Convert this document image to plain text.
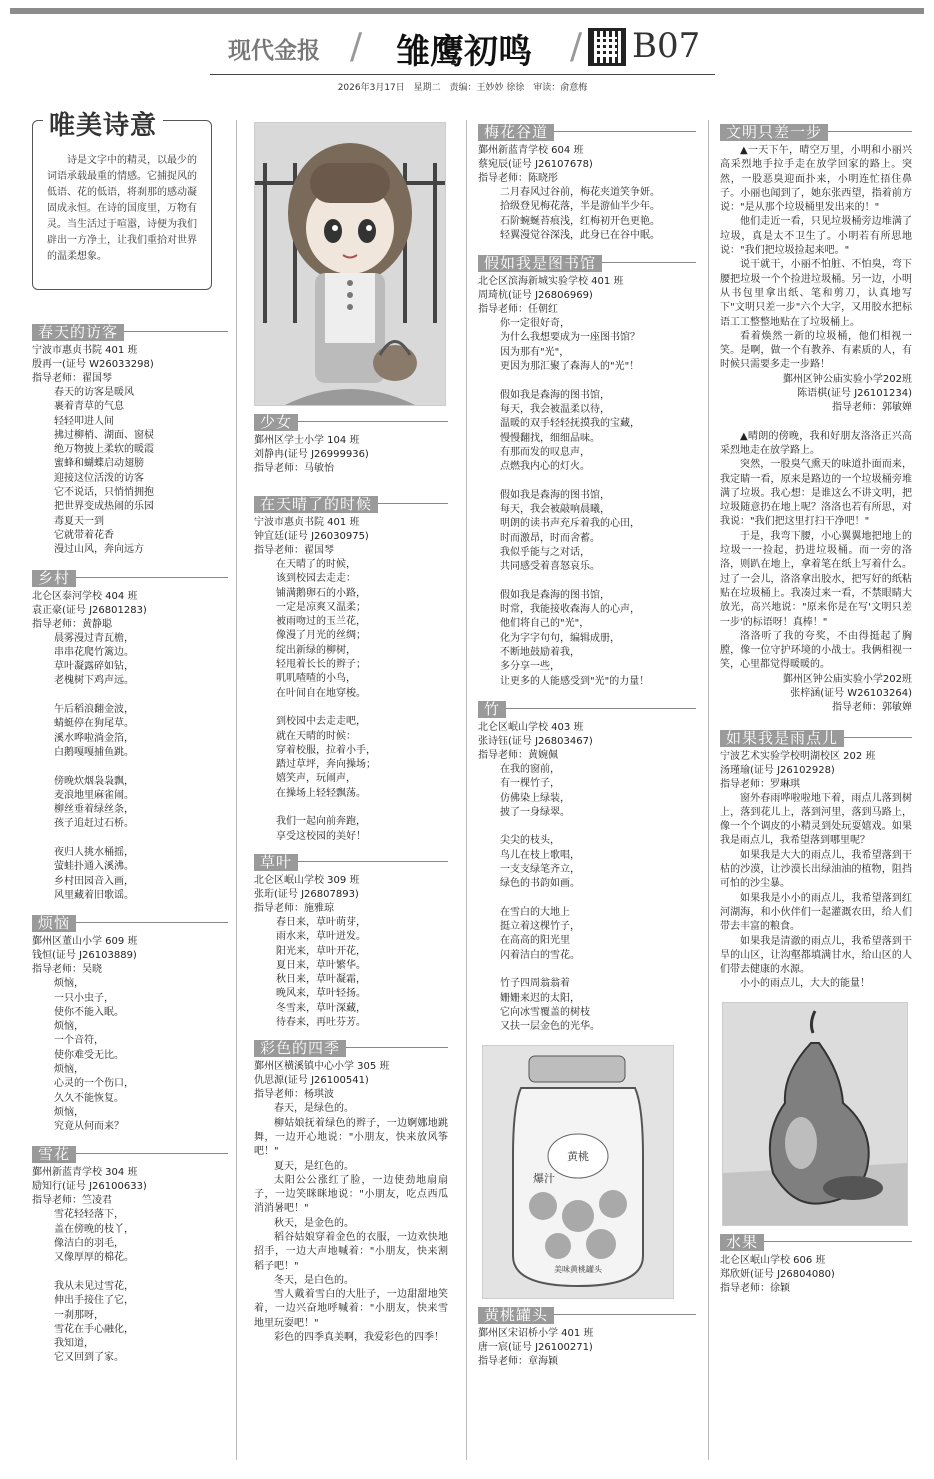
现代金报 / 雏鹰初鸣 / B07
2026年3月17日 星期二 责编：王妙妙 徐徐 审读：俞意梅
唯美诗意
诗是文字中的精灵，以最少的词语承载最重的情感。它捕捉风的低语、花的低语，将刹那的感动凝固成永恒。在诗的国度里，万物有灵。当生活过于喧嚣，诗便为我们辟出一方净土，让我们重拾对世界的温柔想象。
春天的访客
宁波市惠贞书院 401 班
殷再一(证号 W26033298)
指导老师：翟国琴
春天的访客是暖风
裹着青草的气息
轻轻叩进人间
拂过柳梢、湖面、窗棂
绝万物披上柔软的暖霞
蜜蜂和蝴蝶启动翅膀
迎接这位活泼的访客
它不说话，只悄悄拥抱
把世界变成热闹的乐园
毒夏天一到
它就带着花香
漫过山风，奔向远方
乡村
北仑区泰河学校 404 班
袁正豪(证号 J26801283)
指导老师：黄静聪
晨雾漫过青瓦檐，
串串花爬竹篱边。
草叶凝露碎如钻，
老槐树下鸡声远。

午后稻浪翻金波，
蜻蜓停在狗尾草。
溪水哗啦淌金箔，
白鹅嘎嘎捕鱼跳。

傍晚炊烟袅袅飘，
麦浪地里麻雀闹。
柳丝垂着绿丝条，
孩子追赶过石桥。

夜归人挑水桶摇，
萤蛙扑通入溪沸。
乡村田园音入画，
风里藏着旧歌谣。
烦恼
鄞州区董山小学 609 班
钱恒(证号 J26103889)
指导老师：吴晓
烦恼，
一只小虫子，
使你不能入眠。
烦恼，
一个音符，
使你难受无比。
烦恼，
心灵的一个伤口，
久久不能恢复。
烦恼，
究竟从何而来？
雪花
鄞州新蓝青学校 304 班
励知行(证号 J26100633)
指导老师：竺凌君
雪花轻轻落下，
盖在傍晚的枝丫，
像洁白的羽毛，
又像厚厚的棉花。

我从未见过雪花，
伸出手接住了它，
一刹那呀，
雪花在手心融化，
我知道，
它又回到了家。
少女
鄞州区学士小学 104 班
刘静冉(证号 J26999936)
指导老师：马敏怡
在天晴了的时候
宁波市惠贞书院 401 班
钟宜廷(证号 J26030975)
指导老师：翟国琴
在天晴了的时候，
该到校园去走走：
铺满鹅卵石的小路，
一定是凉爽又温柔；
被雨吻过的玉兰花，
像漫了月光的丝绸；
绽出新绿的柳树，
轻甩着长长的辫子；
叽叽喳喳的小鸟，
在叶间自在地穿梭。

到校园中去走走吧，
就在天晴的时候：
穿着校服，拉着小手，
踏过草坪，奔向操场；
嬉笑声，玩闹声，
在操场上轻轻飘荡。

我们一起向前奔跑，
享受这校园的美好！
草叶
北仑区岷山学校 309 班
张珩(证号 J26807893)
指导老师：施雅琼
春日来，草叶萌芽，
雨水来，草叶迸发。
阳光来，草叶开花，
夏日来，草叶繁华。
秋日来，草叶凝霜，
晚风来，草叶轻扬。
冬雪来，草叶深藏，
待春来，再吐芬芳。
彩色的四季
鄞州区横溪镇中心小学 305 班
仇思源(证号 J26100541)
指导老师：杨琪波

春天，是绿色的。

柳姑娘抚着绿色的辫子，一边婀娜地跳舞，一边开心地说："小朋友，快来放风筝吧！"

夏天，是红色的。

太阳公公涨红了脸，一边使劲地扇扇子，一边笑眯眯地说："小朋友，吃点西瓜消消暑吧！"

秋天，是金色的。

稻谷姑娘穿着金色的衣服，一边欢快地招手，一边大声地喊着："小朋友，快来割稻子吧！"

冬天，是白色的。

雪人戴着雪白的大肚子，一边甜甜地笑着，一边兴奋地呼喊着："小朋友，快来雪地里玩耍吧！"

彩色的四季真美啊，我爱彩色的四季！

梅花谷道
鄞州新蓝青学校 604 班
蔡宛辰(证号 J26107678)
指导老师：陈晓彤
二月春风过谷前，梅花夹道笑争妍。
拾级登见梅花落，半是游仙半少年。
石阶蜿蜒苔痕浅，红梅初开色更艳。
轻翼漫觉谷深浅，此身已在谷中眠。
假如我是图书馆
北仑区滨海新城实验学校 401 班
周琦杭(证号 J26806969)
指导老师：任朝红
你一定很好奇，
为什么我想要成为一座图书馆？
因为那有"光"，
更因为那汇聚了森海人的"光"！

假如我是森海的图书馆，
每天，我会被温柔以待，
温暖的双手轻轻抚摸我的宝藏，
慢慢翻找，细细品味。
有那而发的叹息声，
点燃我内心的灯火。

假如我是森海的图书馆，
每天，我会被敲响晨曦，
明朗的读书声充斥着我的心田，
时而激昂，时而舍蓄。
我似乎能与之对话，
共同感受着喜怒哀乐。

假如我是森海的图书馆，
时常，我能接收森海人的心声，
他们将自己的"光"，
化为字字句句，编辑成册，
不断地鼓励着我，
多分享一些，
让更多的人能感受到"光"的力量！
竹
北仑区岷山学校 403 班
张诗钰(证号 J26803467)
指导老师：黄婉佩
在我的窗前，
有一棵竹子，
仿佛染上绿装，
披了一身绿翠。

尖尖的枝头，
鸟儿在枝上歌唱，
一支支绿笔齐立，
绿色的书韵如画。

在雪白的大地上
挺立着这棵竹子，
在高高的阳光里
闪着洁白的雪花。

竹子四周翁翁着
姗姗来迟的太阳，
它向冰雪覆盖的树枝
又扶一层金色的光华。
黄桃
爆汁
美味黄桃罐头
黄桃罐头
鄞州区宋诏桥小学 401 班
唐一宸(证号 J26100271)
指导老师：章海颖
文明只差一步

▲一天下午，晴空万里，小明和小丽兴高采烈地手拉手走在放学回家的路上。突然，一股恶臭迎面扑来，小明连忙捂住鼻子。小丽也闻到了，她东张西望，指着前方说："是从那个垃圾桶里发出来的！"

他们走近一看，只见垃圾桶旁边堆满了垃圾，真是太不卫生了。小明若有所思地说："我们把垃圾捡起来吧。"

说干就干，小丽不怕脏、不怕臭，弯下腰把垃圾一个个捡进垃圾桶。另一边，小明从书包里拿出纸、笔和剪刀，认真地写下"文明只差一步"六个大字，又用胶水把标语工工整整地贴在了垃圾桶上。

看着焕然一新的垃圾桶，他们相视一笑。是啊，做一个有教养、有素质的人，有时候只需要多走一步路！

鄞州区钟公庙实验小学202班

陈语棋(证号 J26101234)

指导老师：郭敏婵

▲晴朗的傍晚，我和好朋友洛洛正兴高采烈地走在放学路上。

突然，一股臭气熏天的味道扑面而来，我定睛一看，原来是路边的一个垃圾桶旁堆满了垃圾。我心想：是谁这么不讲文明，把垃圾随意扔在地上呢？洛洛也若有所思，对我说："我们把这里打扫干净吧！"

于是，我弯下腰，小心翼翼地把地上的垃圾一一捡起，扔进垃圾桶。而一旁的洛洛，则趴在地上，拿着笔在纸上写着什么。过了一会儿，洛洛拿出胶水，把写好的纸粘贴在垃圾桶上。我凑过来一看，不禁眼睛大放光，高兴地说："原来你是在写'文明只差一步'的标语呀！真棒！"

洛洛听了我的夸奖，不由得挺起了胸膛，像一位守护环境的小战士。我俩相视一笑，心里都觉得暖暖的。

鄞州区钟公庙实验小学202班

张梓涵(证号 W26103264)

指导老师：郭敏婵

如果我是雨点儿
宁波艺术实验学校明湖校区 202 班
汤瑾瑜(证号 J26102928)
指导老师：罗琳琪

窗外春雨哗啦啦地下着，雨点儿落到树上，落到花儿上，落到河里，落到马路上，像一个个调皮的小精灵到处玩耍嬉戏。如果我是雨点儿，我希望落到哪里呢？

如果我是大大的雨点儿，我希望落到干枯的沙漠，让沙漠长出绿油油的植物，阻挡可怕的沙尘暴。

如果我是小小的雨点儿，我希望落到红河湖海，和小伙伴们一起灌溉农田，给人们带去丰富的粮食。

如果我是清澈的雨点儿，我希望落到干旱的山区，让沟壑都填满甘水，给山区的人们带去健康的水源。

小小的雨点儿，大大的能量！

水果
北仑区岷山学校 606 班
郑欣妍(证号 J26804080)
指导老师：徐颖
